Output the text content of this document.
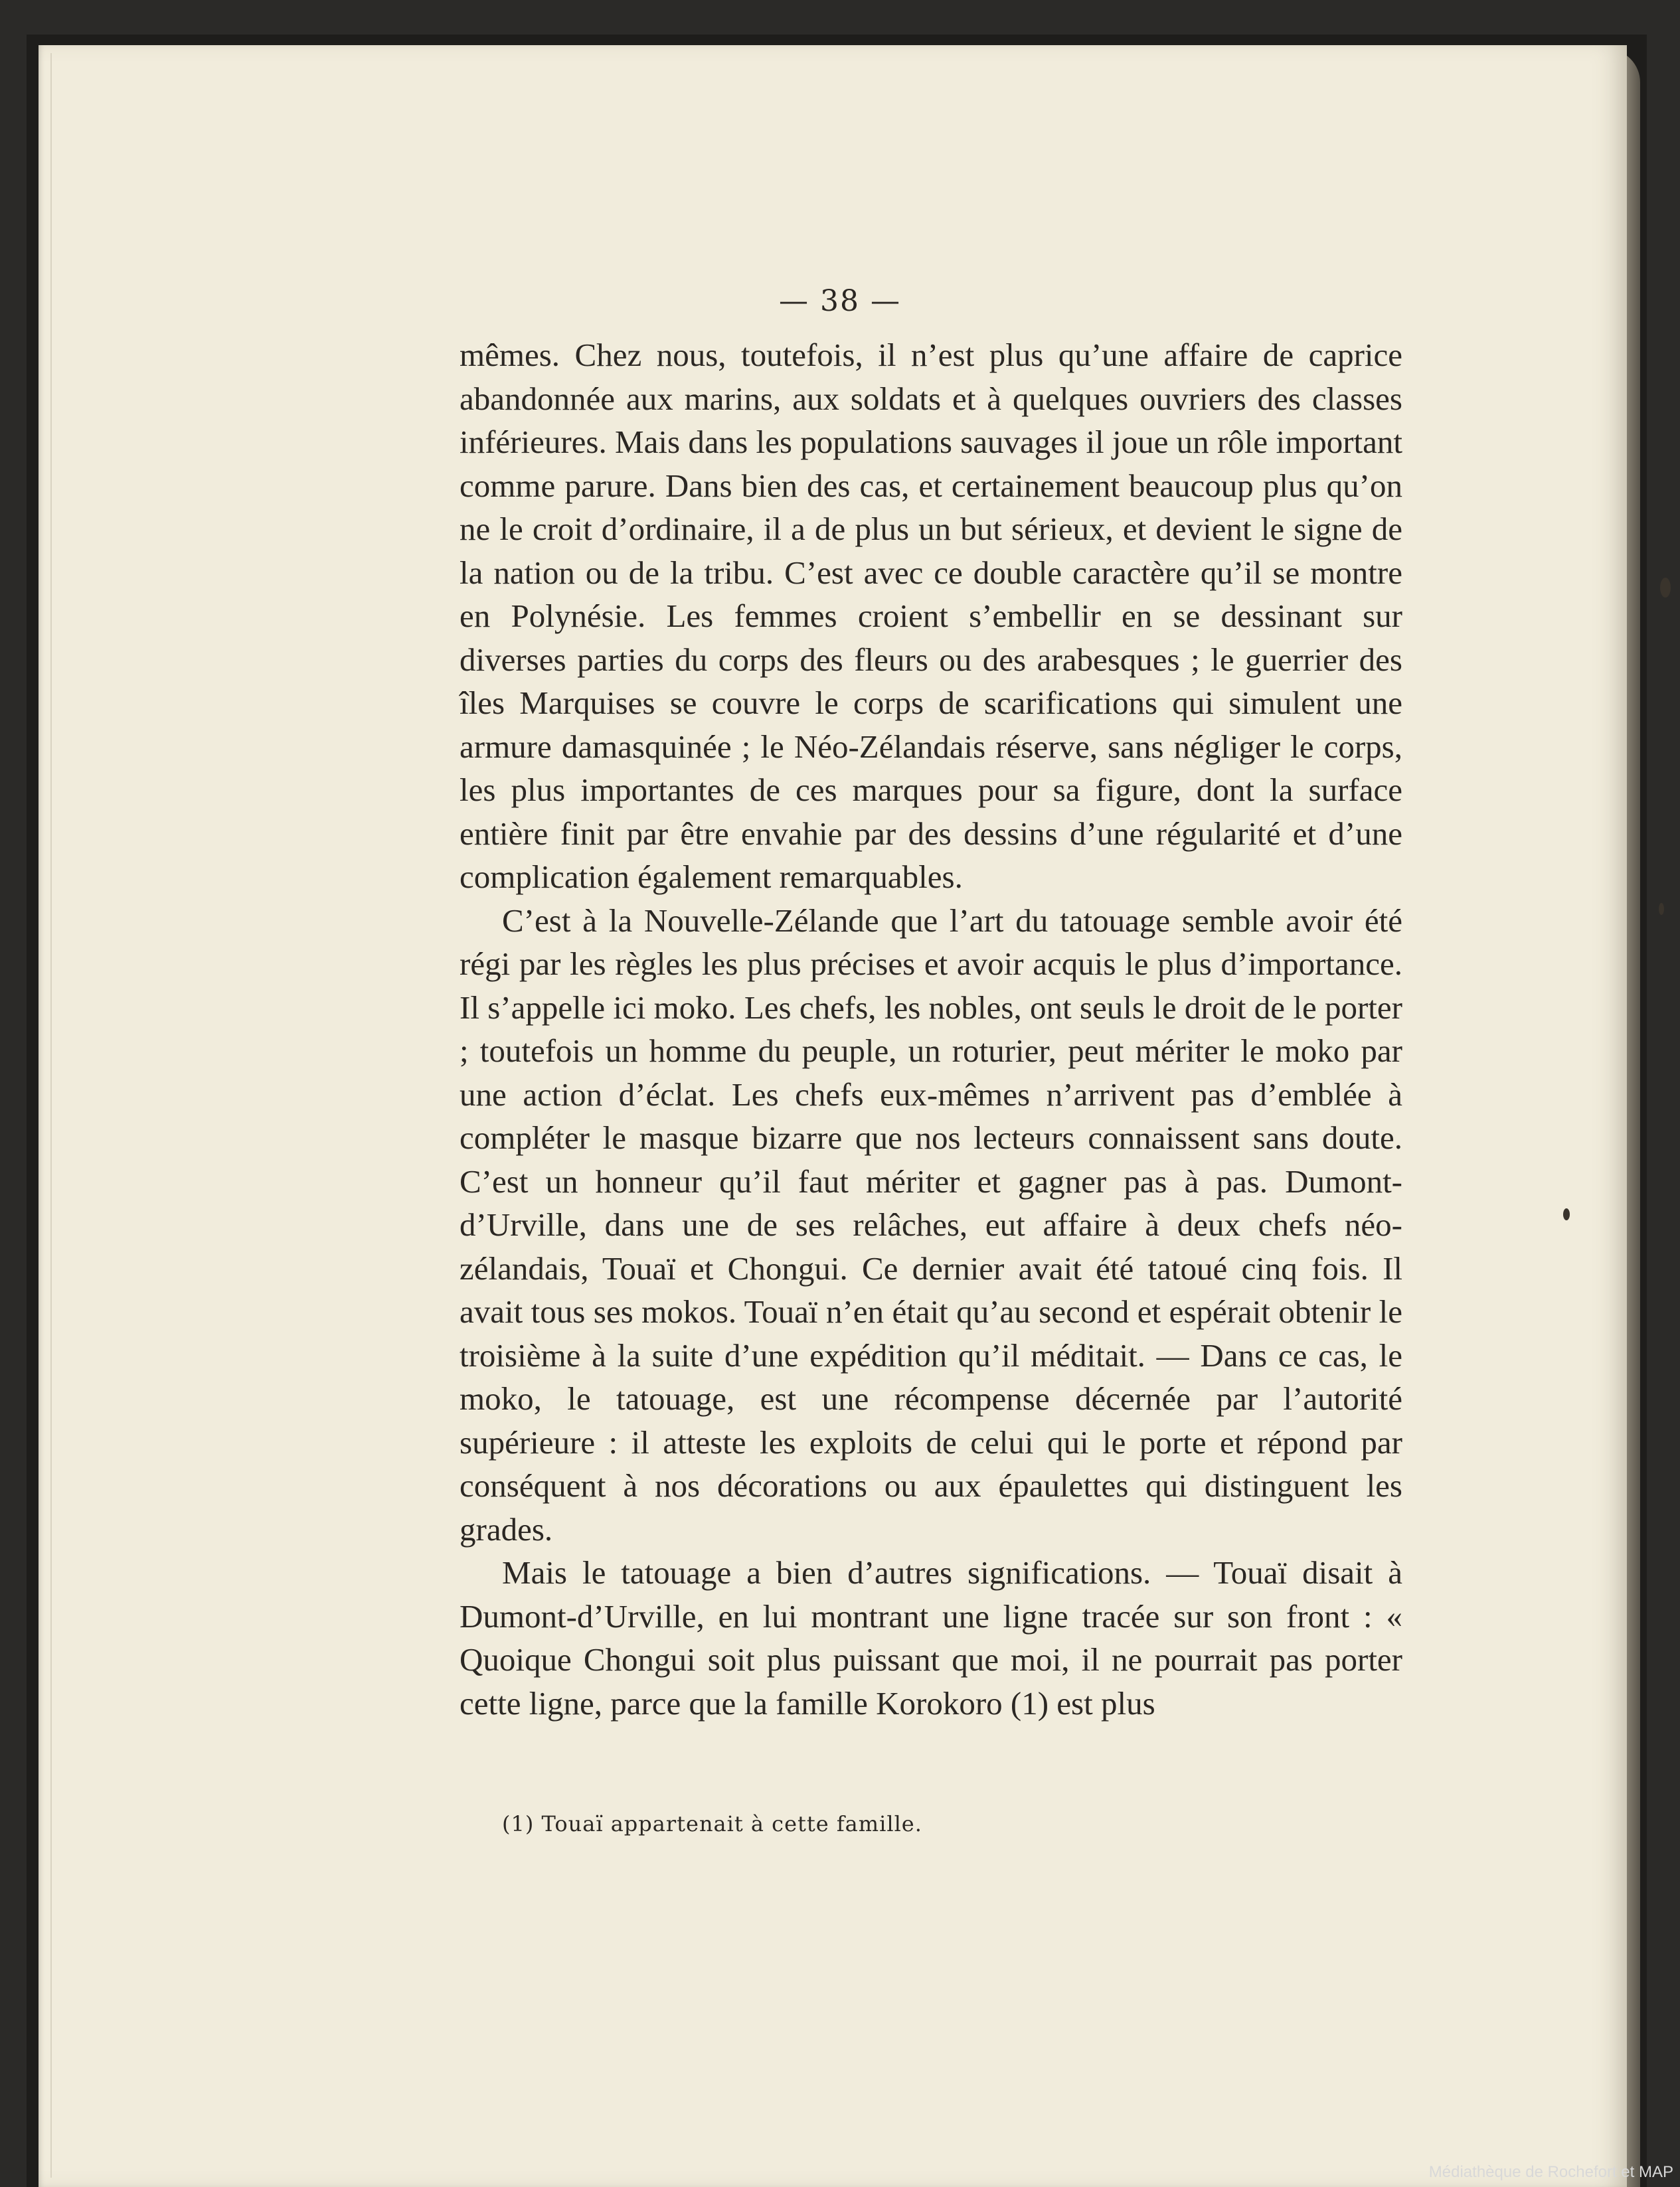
— 38 —

mêmes. Chez nous, toutefois, il n’est plus qu’une affaire de caprice abandonnée aux marins, aux soldats et à quelques ouvriers des classes inférieures. Mais dans les populations sauvages il joue un rôle important comme parure. Dans bien des cas, et certainement beaucoup plus qu’on ne le croit d’ordinaire, il a de plus un but sérieux, et devient le signe de la nation ou de la tribu. C’est avec ce double caractère qu’il se montre en Polynésie. Les femmes croient s’embellir en se dessinant sur diverses parties du corps des fleurs ou des arabesques ; le guerrier des îles Marquises se couvre le corps de scarifications qui simulent une armure damasquinée ; le Néo-Zélandais réserve, sans négliger le corps, les plus importantes de ces marques pour sa figure, dont la surface entière finit par être envahie par des dessins d’une régularité et d’une complication également remarquables.

C’est à la Nouvelle-Zélande que l’art du tatouage semble avoir été régi par les règles les plus précises et avoir acquis le plus d’importance. Il s’appelle ici moko. Les chefs, les nobles, ont seuls le droit de le porter ; toutefois un homme du peuple, un roturier, peut mériter le moko par une action d’éclat. Les chefs eux-mêmes n’arrivent pas d’emblée à compléter le masque bizarre que nos lecteurs connaissent sans doute. C’est un honneur qu’il faut mériter et gagner pas à pas. Dumont-d’Urville, dans une de ses relâches, eut affaire à deux chefs néo-zélandais, Touaï et Chongui. Ce dernier avait été tatoué cinq fois. Il avait tous ses mokos. Touaï n’en était qu’au second et espérait obtenir le troisième à la suite d’une expédition qu’il méditait. — Dans ce cas, le moko, le tatouage, est une récompense décernée par l’autorité supérieure : il atteste les exploits de celui qui le porte et répond par conséquent à nos décorations ou aux épaulettes qui distinguent les grades.

Mais le tatouage a bien d’autres significations. — Touaï disait à Dumont-d’Urville, en lui montrant une ligne tracée sur son front : « Quoique Chongui soit plus puissant que moi, il ne pourrait pas porter cette ligne, parce que la famille Korokoro (1) est plus

(1) Touaï appartenait à cette famille.
Médiathèque de Rochefort et MAP
